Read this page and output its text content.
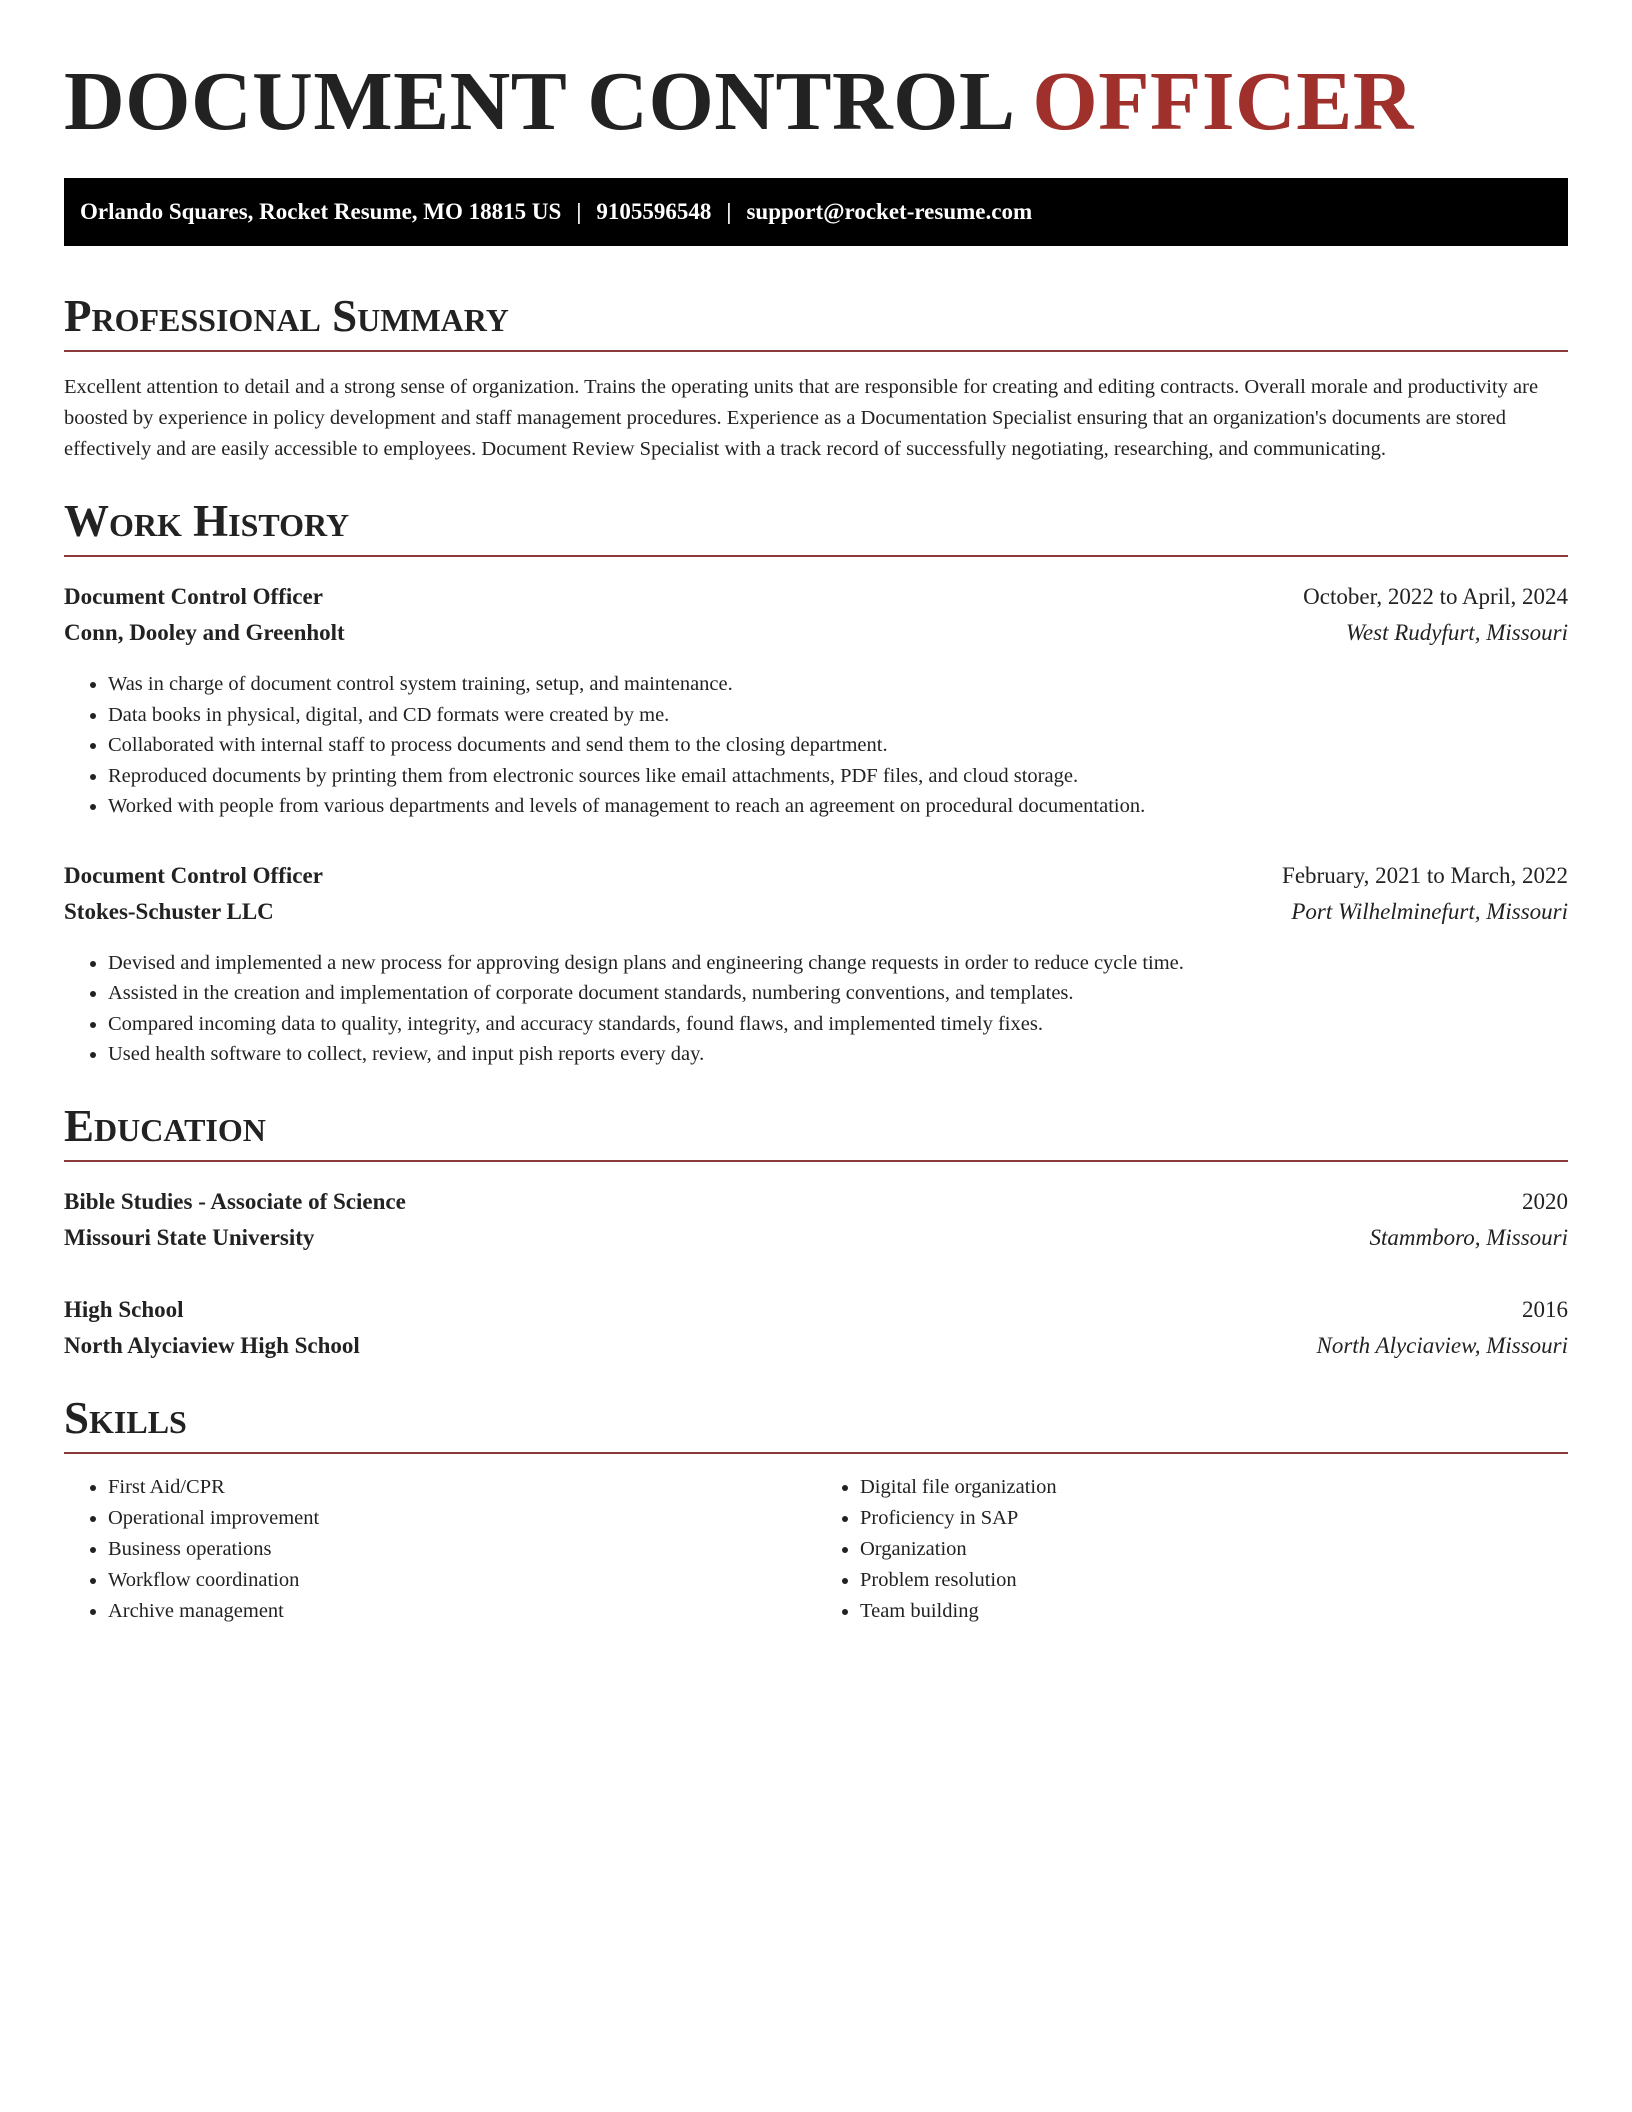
DOCUMENT CONTROL OFFICER
Orlando Squares, Rocket Resume, MO 18815 US | 9105596548 | support@rocket-resume.com
Professional Summary

Excellent attention to detail and a strong sense of organization. Trains the operating units that are responsible for creating and editing contracts. Overall morale and productivity are boosted by experience in policy development and staff management procedures. Experience as a Documentation Specialist ensuring that an organization's documents are stored effectively and are easily accessible to employees. Document Review Specialist with a track record of successfully negotiating, researching, and communicating.

Work History
Document Control Officer	October, 2022 to April, 2024
Conn, Dooley and Greenholt	West Rudyfurt, Missouri
• Was in charge of document control system training, setup, and maintenance.
• Data books in physical, digital, and CD formats were created by me.
• Collaborated with internal staff to process documents and send them to the closing department.
• Reproduced documents by printing them from electronic sources like email attachments, PDF files, and cloud storage.
• Worked with people from various departments and levels of management to reach an agreement on procedural documentation.
Document Control Officer	February, 2021 to March, 2022
Stokes-Schuster LLC	Port Wilhelminefurt, Missouri
• Devised and implemented a new process for approving design plans and engineering change requests in order to reduce cycle time.
• Assisted in the creation and implementation of corporate document standards, numbering conventions, and templates.
• Compared incoming data to quality, integrity, and accuracy standards, found flaws, and implemented timely fixes.
• Used health software to collect, review, and input pish reports every day.
Education
Bible Studies - Associate of Science	2020
Missouri State University	Stammboro, Missouri
High School	2016
North Alyciaview High School	North Alyciaview, Missouri
Skills
• First Aid/CPR
• Operational improvement
• Business operations
• Workflow coordination
• Archive management
• Digital file organization
• Proficiency in SAP
• Organization
• Problem resolution
• Team building
